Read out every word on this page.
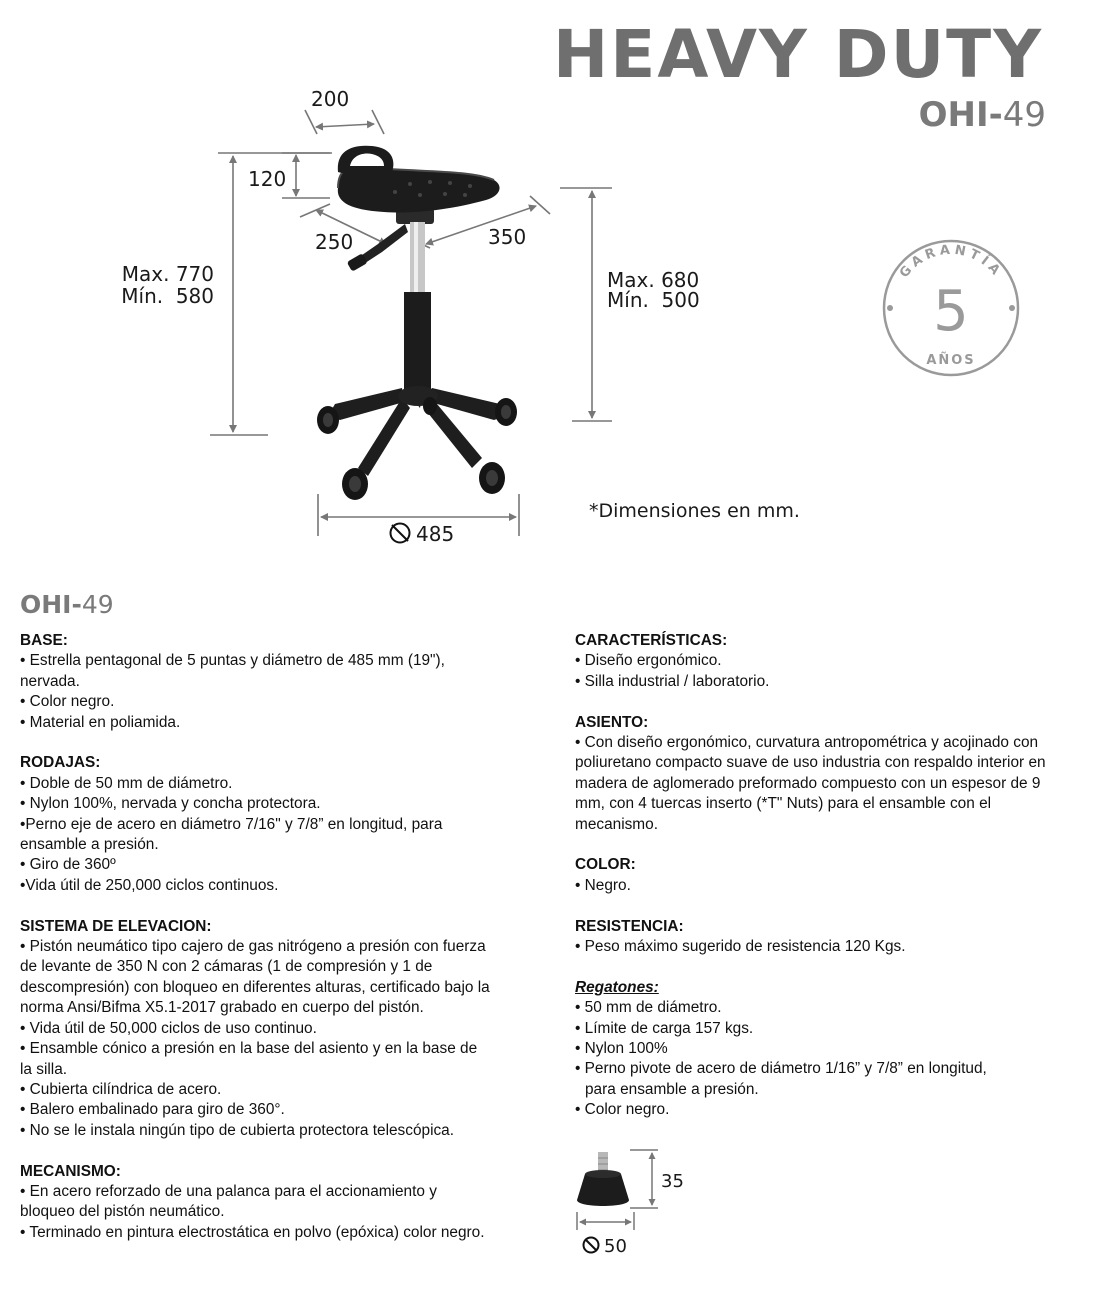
HEAVY DUTY
OHI-49
200
120
250	350
Max. 770
Mín.  580
Max. 680
Mín.  500
485
*Dimensiones en mm.
GARANTÍA
5
AÑOS
OHI-49
BASE:

• Estrella pentagonal de 5 puntas y diámetro de 485 mm (19"),

nervada.

• Color negro.

• Material en poliamida.

RODAJAS:

• Doble de 50 mm de diámetro.

• Nylon 100%, nervada y concha protectora.

•Perno eje de acero en diámetro 7/16" y 7/8” en longitud, para

ensamble a presión.

• Giro de 360º

•Vida útil de 250,000 ciclos continuos.

SISTEMA DE ELEVACION:

• Pistón neumático tipo cajero de gas nitrógeno a presión con fuerza

de levante de 350 N con 2 cámaras (1 de compresión y 1 de

descompresión) con bloqueo en diferentes alturas, certificado bajo la

norma Ansi/Bifma X5.1-2017 grabado en cuerpo del pistón.

• Vida útil de 50,000 ciclos de uso continuo.

• Ensamble cónico a presión en la base del asiento y en la base de

la silla.

• Cubierta cilíndrica de acero.

• Balero embalinado para giro de 360°.

• No se le instala ningún tipo de cubierta protectora telescópica.

MECANISMO:

• En acero reforzado de una palanca para el accionamiento y

bloqueo del pistón neumático.

• Terminado en pintura electrostática en polvo (epóxica) color negro.

CARACTERÍSTICAS:

• Diseño ergonómico.

• Silla industrial / laboratorio.

ASIENTO:

• Con diseño ergonómico, curvatura antropométrica y acojinado con

poliuretano compacto suave de uso industria con respaldo interior en

madera de aglomerado preformado compuesto con un espesor de 9

mm, con 4 tuercas inserto (*T" Nuts) para el ensamble con el

mecanismo.

COLOR:

• Negro.

RESISTENCIA:

• Peso máximo sugerido de resistencia 120 Kgs.

Regatones:

• 50 mm de diámetro.

• Límite de carga 157 kgs.

• Nylon 100%

• Perno pivote de acero de diámetro 1/16” y 7/8” en longitud,

para ensamble a presión.

• Color negro.

35
50
